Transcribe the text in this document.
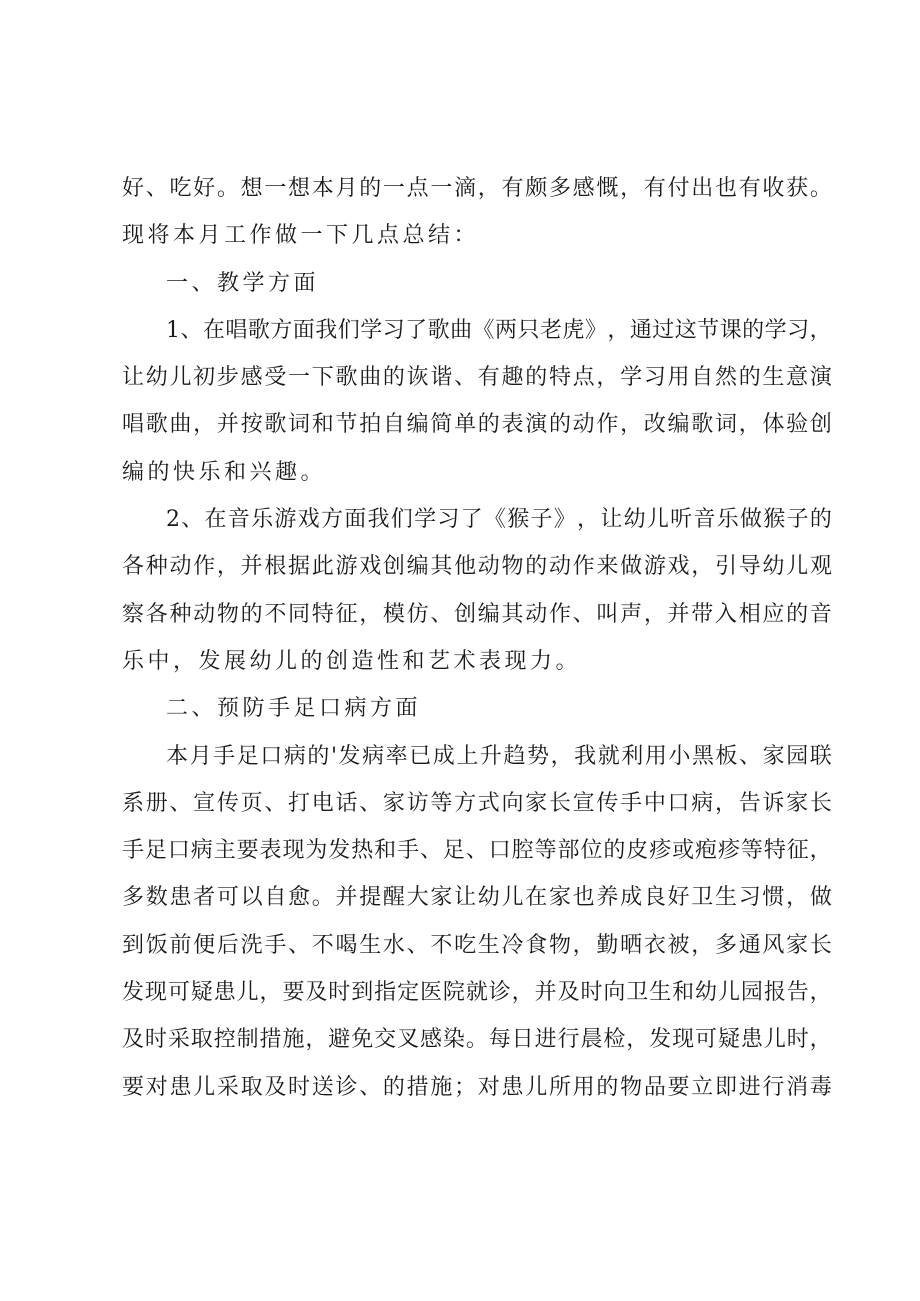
好 、 吃 好 。 想 一 想 本 月 的 一 点 一 滴 ， 有 颇 多 感 慨 ， 有 付 出 也 有 收 获 。
现将本月工作做一下几点总结：
一、教学方面
1 、 在 唱 歌 方 面 我 们 学 习 了 歌 曲 《 两 只 老 虎 》 ， 通 过 这 节 课 的 学 习 ，
让 幼 儿 初 步 感 受 一 下 歌 曲 的 诙 谐 、 有 趣 的 特 点 ， 学 习 用 自 然 的 生 意 演
唱 歌 曲 ， 并 按 歌 词 和 节 拍 自 编 简 单 的 表 演 的 动 作 ， 改 编 歌 词 ， 体 验 创
编的快乐和兴趣。
2 、 在 音 乐 游 戏 方 面 我 们 学 习 了 《 猴 子 》 ， 让 幼 儿 听 音 乐 做 猴 子 的
各 种 动 作 ， 并 根 据 此 游 戏 创 编 其 他 动 物 的 动 作 来 做 游 戏 ， 引 导 幼 儿 观
察 各 种 动 物 的 不 同 特 征 ， 模 仿 、 创 编 其 动 作 、 叫 声 ， 并 带 入 相 应 的 音
乐中，发展幼儿的创造性和艺术表现力。
二、预防手足口病方面
本 月 手 足 口 病 的 ' 发 病 率 已 成 上 升 趋 势 ， 我 就 利 用 小 黑 板 、 家 园 联
系 册 、 宣 传 页 、 打 电 话 、 家 访 等 方 式 向 家 长 宣 传 手 中 口 病 ， 告 诉 家 长
手 足 口 病 主 要 表 现 为 发 热 和 手 、 足 、 口 腔 等 部 位 的 皮 疹 或 疱 疹 等 特 征 ，
多 数 患 者 可 以 自 愈 。 并 提 醒 大 家 让 幼 儿 在 家 也 养 成 良 好 卫 生 习 惯 ， 做
到 饭 前 便 后 洗 手 、 不 喝 生 水 、 不 吃 生 冷 食 物 ， 勤 晒 衣 被 ， 多 通 风 家 长
发 现 可 疑 患 儿 ， 要 及 时 到 指 定 医 院 就 诊 ， 并 及 时 向 卫 生 和 幼 儿 园 报 告 ，
及 时 采 取 控 制 措 施 ， 避 免 交 叉 感 染 。 每 日 进 行 晨 检 ， 发 现 可 疑 患 儿 时 ，
要 对 患 儿 采 取 及 时 送 诊 、 的 措 施 ； 对 患 儿 所 用 的 物 品 要 立 即 进 行 消 毒
